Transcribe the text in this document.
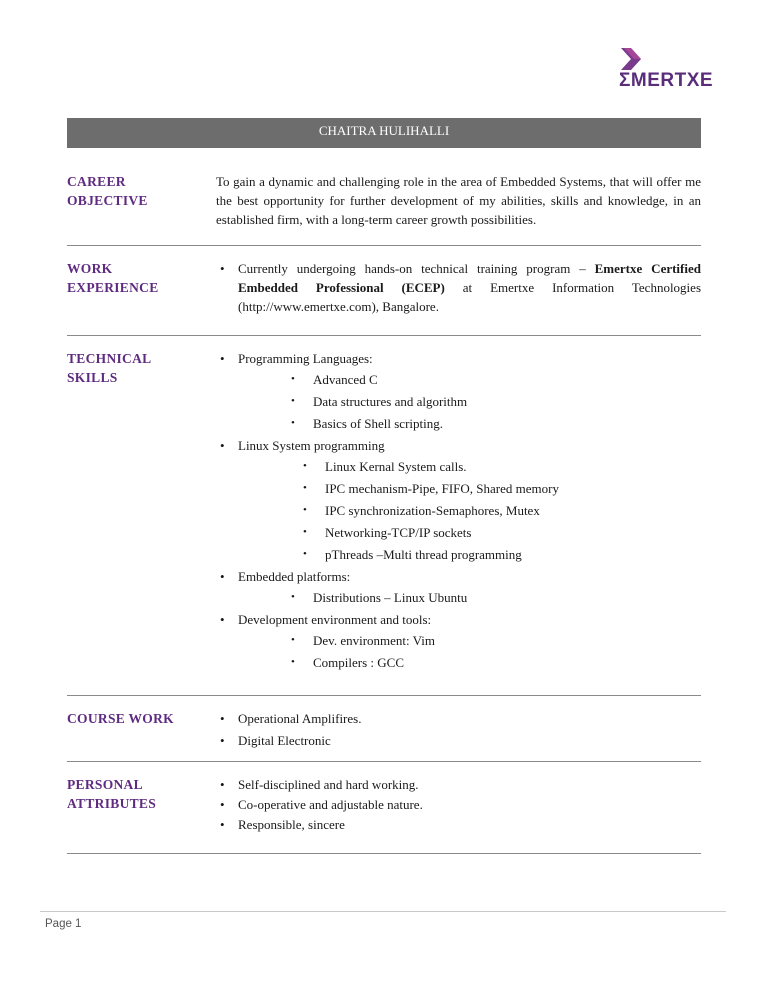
ΣMERTXE
CHAITRA HULIHALLI
CAREER
OBJECTIVE

To gain a dynamic and challenging role in the area of Embedded Systems, that will offer me the best opportunity for further development of my abilities, skills and knowledge, in an established firm, with a long-term career growth possibilities.

WORK
EXPERIENCE
• Currently undergoing hands-on technical training program – Emertxe Certified Embedded Professional (ECEP) at Emertxe Information Technologies (http://www.emertxe.com), Bangalore.
TECHNICAL
SKILLS
• Programming Languages:
• Advanced C
• Data structures and algorithm
• Basics of Shell scripting.
• Linux System programming
• Linux Kernal System calls.
• IPC mechanism-Pipe, FIFO, Shared memory
• IPC synchronization-Semaphores, Mutex
• Networking-TCP/IP sockets
• pThreads –Multi thread programming
• Embedded platforms:
• Distributions – Linux Ubuntu
• Development environment and tools:
• Dev. environment: Vim
• Compilers : GCC
COURSE WORK
•	Operational Amplifires.
• Digital Electronic
PERSONAL
ATTRIBUTES
• Self-disciplined and hard working.
• Co-operative and adjustable nature.
• Responsible, sincere
Page 1
